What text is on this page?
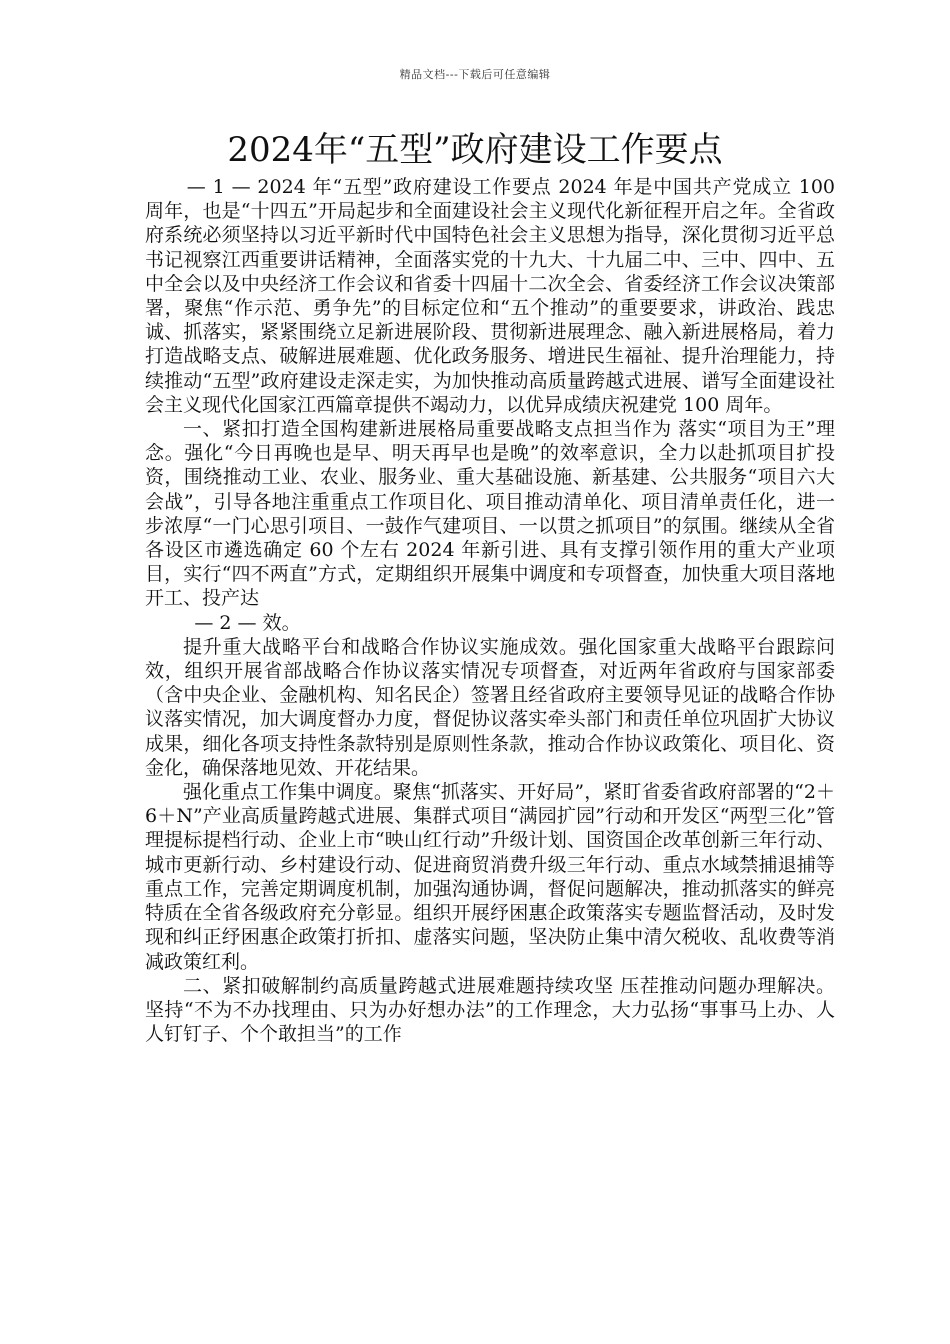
精品文档---下载后可任意编辑
2024年“五型”政府建设工作要点

— 1 — 2024 年“五型”政府建设工作要点 2024 年是中国共产党成立 100 周年，也是“十四五”开局起步和全面建设社会主义现代化新征程开启之年。全省政府系统必须坚持以习近平新时代中国特色社会主义思想为指导，深化贯彻习近平总书记视察江西重要讲话精神，全面落实党的十九大、十九届二中、三中、四中、五中全会以及中央经济工作会议和省委十四届十二次全会、省委经济工作会议决策部署，聚焦“作示范、勇争先”的目标定位和“五个推动”的重要要求，讲政治、践忠诚、抓落实，紧紧围绕立足新进展阶段、贯彻新进展理念、融入新进展格局，着力打造战略支点、破解进展难题、优化政务服务、增进民生福祉、提升治理能力，持续推动“五型”政府建设走深走实，为加快推动高质量跨越式进展、谱写全面建设社会主义现代化国家江西篇章提供不竭动力，以优异成绩庆祝建党 100 周年。

一、紧扣打造全国构建新进展格局重要战略支点担当作为 落实“项目为王”理念。强化“今日再晚也是早、明天再早也是晚”的效率意识，全力以赴抓项目扩投资，围绕推动工业、农业、服务业、重大基础设施、新基建、公共服务“项目六大会战”，引导各地注重重点工作项目化、项目推动清单化、项目清单责任化，进一步浓厚“一门心思引项目、一鼓作气建项目、一以贯之抓项目”的氛围。继续从全省各设区市遴选确定 60 个左右 2024 年新引进、具有支撑引领作用的重大产业项目，实行“四不两直”方式，定期组织开展集中调度和专项督查，加快重大项目落地开工、投产达

— 2 — 效。

提升重大战略平台和战略合作协议实施成效。强化国家重大战略平台跟踪问效，组织开展省部战略合作协议落实情况专项督查，对近两年省政府与国家部委（含中央企业、金融机构、知名民企）签署且经省政府主要领导见证的战略合作协议落实情况，加大调度督办力度，督促协议落实牵头部门和责任单位巩固扩大协议成果，细化各项支持性条款特别是原则性条款，推动合作协议政策化、项目化、资金化，确保落地见效、开花结果。

强化重点工作集中调度。聚焦“抓落实、开好局”，紧盯省委省政府部署的“2＋6＋N”产业高质量跨越式进展、集群式项目“满园扩园”行动和开发区“两型三化”管理提标提档行动、企业上市“映山红行动”升级计划、国资国企改革创新三年行动、城市更新行动、乡村建设行动、促进商贸消费升级三年行动、重点水域禁捕退捕等重点工作，完善定期调度机制，加强沟通协调，督促问题解决，推动抓落实的鲜亮特质在全省各级政府充分彰显。组织开展纾困惠企政策落实专题监督活动，及时发现和纠正纾困惠企政策打折扣、虚落实问题，坚决防止集中清欠税收、乱收费等消减政策红利。

二、紧扣破解制约高质量跨越式进展难题持续攻坚 压茬推动问题办理解决。坚持“不为不办找理由、只为办好想办法”的工作理念，大力弘扬“事事马上办、人人钉钉子、个个敢担当”的工作
